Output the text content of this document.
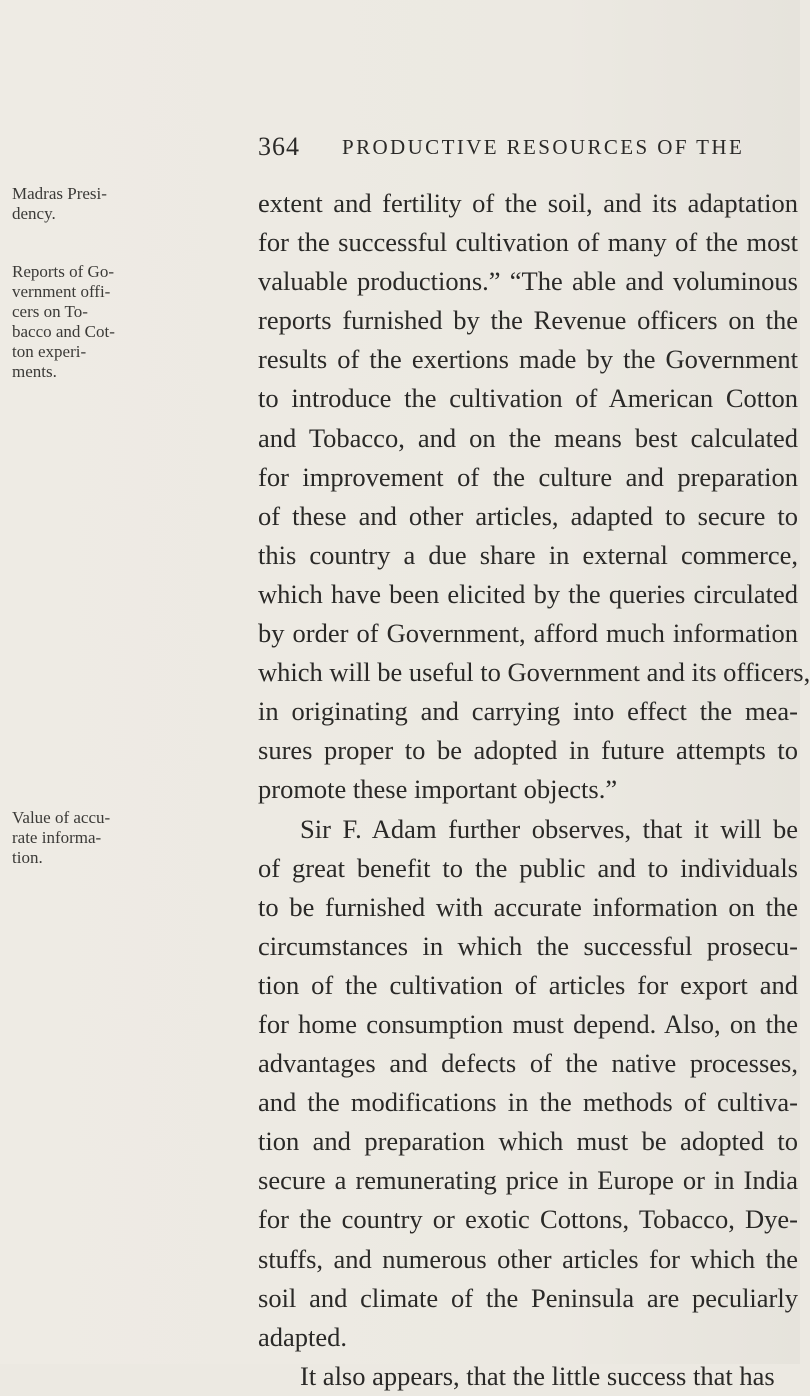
364 PRODUCTIVE RESOURCES OF THE
Madras Presi-
dency.
Reports of Go-
vernment offi-
cers on To-
bacco and Cot-
ton experi-
ments.
Value of accu-
rate informa-
tion.
extent and fertility of the soil, and its adaptation
for the successful cultivation of many of the most
valuable productions.” “The able and voluminous
reports furnished by the Revenue officers on the
results of the exertions made by the Government
to introduce the cultivation of American Cotton
and Tobacco, and on the means best calculated
for improvement of the culture and preparation
of these and other articles, adapted to secure to
this country a due share in external commerce,
which have been elicited by the queries circulated
by order of Government, afford much information
which will be useful to Government and its officers,
in originating and carrying into effect the mea-
sures proper to be adopted in future attempts to
promote these important objects.”
Sir F. Adam further observes, that it will be
of great benefit to the public and to individuals
to be furnished with accurate information on the
circumstances in which the successful prosecu-
tion of the cultivation of articles for export and
for home consumption must depend. Also, on the
advantages and defects of the native processes,
and the modifications in the methods of cultiva-
tion and preparation which must be adopted to
secure a remunerating price in Europe or in India
for the country or exotic Cottons, Tobacco, Dye-
stuffs, and numerous other articles for which the
soil and climate of the Peninsula are peculiarly
adapted.
It also appears, that the little success that has
